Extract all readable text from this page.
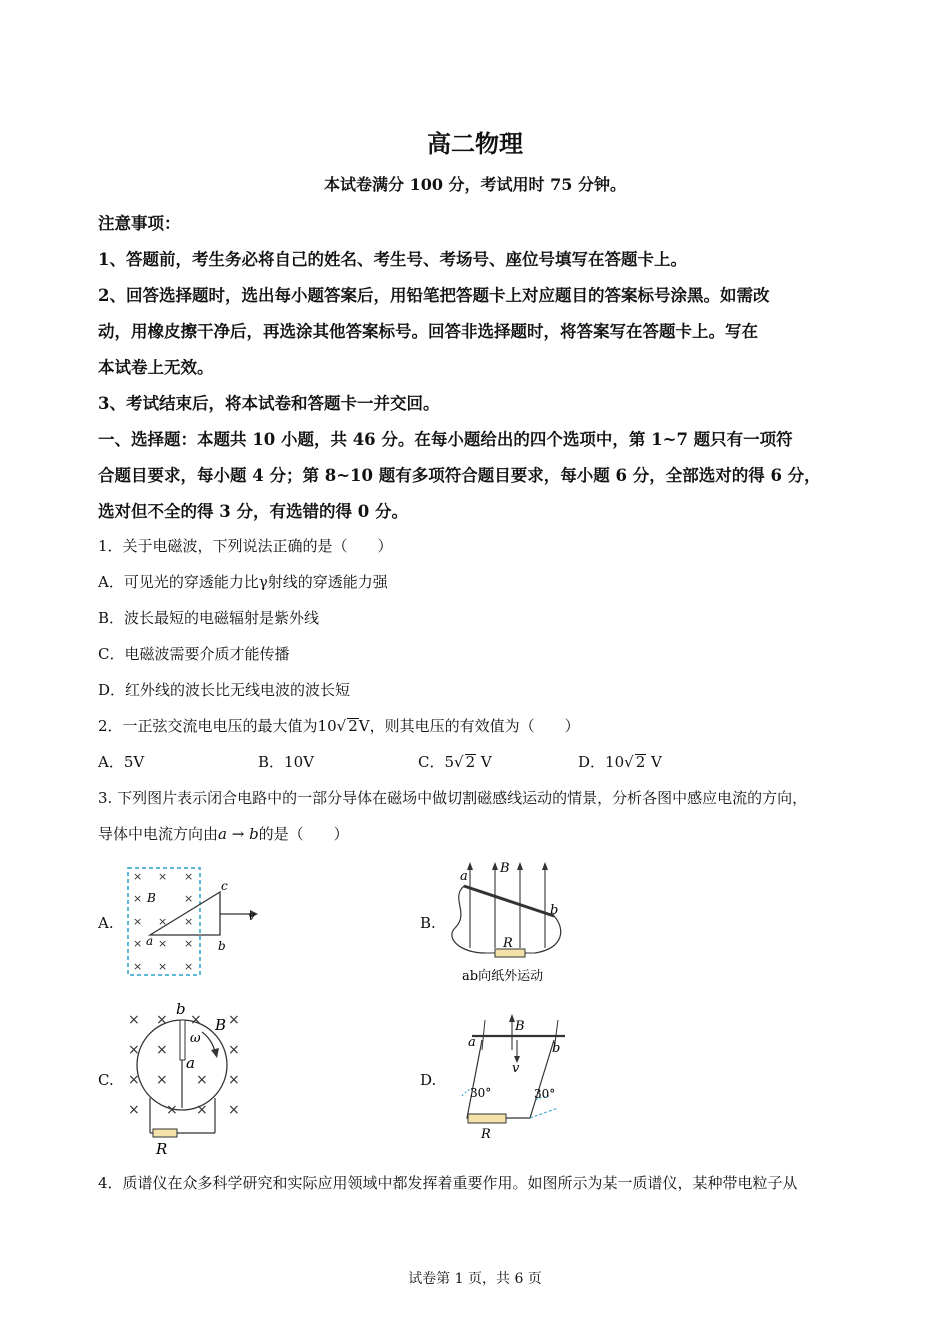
高二物理
本试卷满分 100 分，考试用时 75 分钟。
注意事项：
1、答题前，考生务必将自己的姓名、考生号、考场号、座位号填写在答题卡上。
2、回答选择题时，选出每小题答案后，用铅笔把答题卡上对应题目的答案标号涂黑。如需改
动，用橡皮擦干净后，再选涂其他答案标号。回答非选择题时，将答案写在答题卡上。写在
本试卷上无效。
3、考试结束后，将本试卷和答题卡一并交回。
一、选择题：本题共 10 小题，共 46 分。在每小题给出的四个选项中，第 1~7 题只有一项符
合题目要求，每小题 4 分；第 8~10 题有多项符合题目要求，每小题 6 分，全部选对的得 6 分，
选对但不全的得 3 分，有选错的得 0 分。
1．关于电磁波，下列说法正确的是（　　）
A．可见光的穿透能力比γ射线的穿透能力强
B．波长最短的电磁辐射是紫外线
C．电磁波需要介质才能传播
D．红外线的波长比无线电波的波长短
2．一正弦交流电电压的最大值为10√ 2V，则其电压的有效值为（　　）
A．5V	B．10V	C．5√ 2 V	D．10√ 2 V
3. 下列图片表示闭合电路中的一部分导体在磁场中做切割磁感线运动的情景，分析各图中感应电流的方向，
导体中电流方向由a → b的是（　　）
A.
× × ×
×	×
× × ×
× × ×
× × ×
B
a	b
c
v	B.
B
a
b
R
ab向纸外运动
C.
× × × ×
× ×	×
× × × ×
× × × ×
b
a
B
ω
R
D.
B
a	b
v
30°	30°
R
4．质谱仪在众多科学研究和实际应用领域中都发挥着重要作用。如图所示为某一质谱仪，某种带电粒子从
试卷第 1 页，共 6 页
